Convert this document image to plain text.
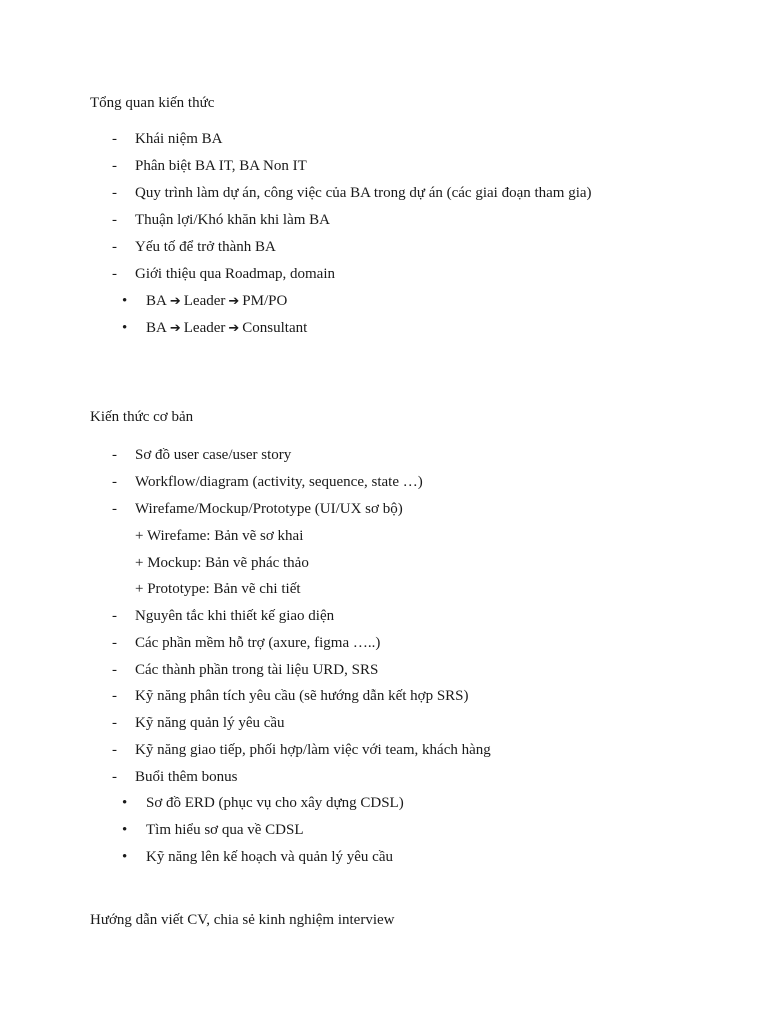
Tổng quan kiến thức
-	Khái niệm BA
-	Phân biệt BA IT, BA Non IT
-	Quy trình làm dự án, công việc của BA trong dự án (các giai đoạn tham gia)
-	Thuận lợi/Khó khăn khi làm BA
-	Yếu tố để trở thành BA
-	Giới thiệu qua Roadmap, domain
• BA ➔ Leader ➔ PM/PO
• BA ➔ Leader ➔ Consultant
Kiến thức cơ bản
-	Sơ đồ user case/user story
-	Workflow/diagram (activity, sequence, state …)
-	Wirefame/Mockup/Prototype (UI/UX sơ bộ)
+ Wirefame: Bản vẽ sơ khai
+ Mockup: Bản vẽ phác thảo
+ Prototype: Bản vẽ chi tiết
-	Nguyên tắc khi thiết kế giao diện
-	Các phần mềm hỗ trợ (axure, figma …..)
-	Các thành phần trong tài liệu URD, SRS
-	Kỹ năng phân tích yêu cầu (sẽ hướng dẫn kết hợp SRS)
-	Kỹ năng quản lý yêu cầu
-	Kỹ năng giao tiếp, phối hợp/làm việc với team, khách hàng
-	Buổi thêm bonus
• Sơ đồ ERD (phục vụ cho xây dựng CDSL)
• Tìm hiểu sơ qua về CDSL
• Kỹ năng lên kế hoạch và quản lý yêu cầu
Hướng dẫn viết CV, chia sẻ kinh nghiệm interview
